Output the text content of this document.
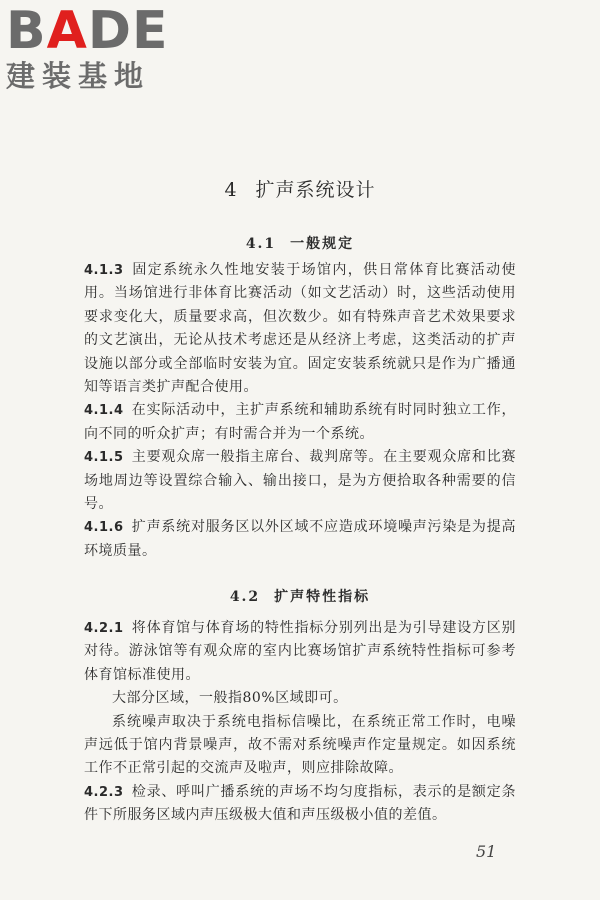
BADE
建装基地
4 扩声系统设计
4.1 一般规定

4.1.3 固定系统永久性地安装于场馆内，供日常体育比赛活动使用。当场馆进行非体育比赛活动（如文艺活动）时，这些活动使用要求变化大，质量要求高，但次数少。如有特殊声音艺术效果要求的文艺演出，无论从技术考虑还是从经济上考虑，这类活动的扩声设施以部分或全部临时安装为宜。固定安装系统就只是作为广播通知等语言类扩声配合使用。

4.1.4 在实际活动中，主扩声系统和辅助系统有时同时独立工作，向不同的听众扩声；有时需合并为一个系统。

4.1.5 主要观众席一般指主席台、裁判席等。在主要观众席和比赛场地周边等设置综合输入、输出接口，是为方便拾取各种需要的信号。

4.1.6 扩声系统对服务区以外区域不应造成环境噪声污染是为提高环境质量。

4.2 扩声特性指标

4.2.1 将体育馆与体育场的特性指标分别列出是为引导建设方区别对待。游泳馆等有观众席的室内比赛场馆扩声系统特性指标可参考体育馆标准使用。

大部分区域，一般指80%区域即可。

系统噪声取决于系统电指标信噪比，在系统正常工作时，电噪声远低于馆内背景噪声，故不需对系统噪声作定量规定。如因系统工作不正常引起的交流声及啦声，则应排除故障。

4.2.3 检录、呼叫广播系统的声场不均匀度指标，表示的是额定条件下所服务区域内声压级极大值和声压级极小值的差值。

51
